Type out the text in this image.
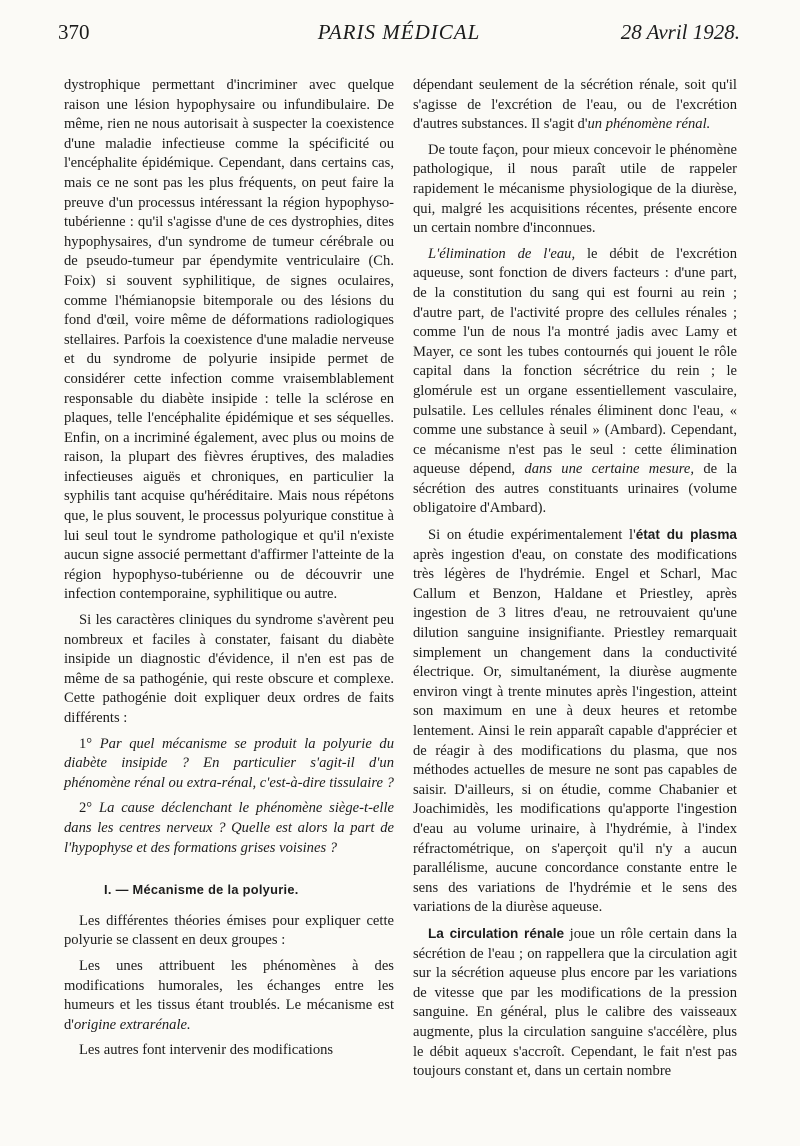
370	PARIS MÉDICAL	28 Avril 1928.

dystrophique permettant d'incriminer avec quelque raison une lésion hypophysaire ou infundibulaire. De même, rien ne nous autorisait à suspecter la coexistence d'une maladie infectieuse comme la spécificité ou l'encéphalite épidémique. Cependant, dans certains cas, mais ce ne sont pas les plus fréquents, on peut faire la preuve d'un processus intéressant la région hypophyso-tubérienne : qu'il s'agisse d'une de ces dystrophies, dites hypophysaires, d'un syndrome de tumeur cérébrale ou de pseudo-tumeur par épendymite ventriculaire (Ch. Foix) si souvent syphilitique, de signes oculaires, comme l'hémianopsie bitemporale ou des lésions du fond d'œil, voire même de déformations radiologiques stellaires. Parfois la coexistence d'une maladie nerveuse et du syndrome de polyurie insipide permet de considérer cette infection comme vraisemblablement responsable du diabète insipide : telle la sclérose en plaques, telle l'encéphalite épidémique et ses séquelles. Enfin, on a incriminé également, avec plus ou moins de raison, la plupart des fièvres éruptives, des maladies infectieuses aiguës et chroniques, en particulier la syphilis tant acquise qu'héréditaire. Mais nous répétons que, le plus souvent, le processus polyurique constitue à lui seul tout le syndrome pathologique et qu'il n'existe aucun signe associé permettant d'affirmer l'atteinte de la région hypophyso-tubérienne ou de découvrir une infection contemporaine, syphilitique ou autre.

Si les caractères cliniques du syndrome s'avèrent peu nombreux et faciles à constater, faisant du diabète insipide un diagnostic d'évidence, il n'en est pas de même de sa pathogénie, qui reste obscure et complexe. Cette pathogénie doit expliquer deux ordres de faits différents :

1° Par quel mécanisme se produit la polyurie du diabète insipide ? En particulier s'agit-il d'un phénomène rénal ou extra-rénal, c'est-à-dire tissulaire ?

2° La cause déclenchant le phénomène siège-t-elle dans les centres nerveux ? Quelle est alors la part de l'hypophyse et des formations grises voisines ?

I. — Mécanisme de la polyurie.

Les différentes théories émises pour expliquer cette polyurie se classent en deux groupes :

Les unes attribuent les phénomènes à des modifications humorales, les échanges entre les humeurs et les tissus étant troublés. Le mécanisme est d'origine extrarénale.

Les autres font intervenir des modifications

dépendant seulement de la sécrétion rénale, soit qu'il s'agisse de l'excrétion de l'eau, ou de l'excrétion d'autres substances. Il s'agit d'un phénomène rénal.

De toute façon, pour mieux concevoir le phénomène pathologique, il nous paraît utile de rappeler rapidement le mécanisme physiologique de la diurèse, qui, malgré les acquisitions récentes, présente encore un certain nombre d'inconnues.

L'élimination de l'eau, le débit de l'excrétion aqueuse, sont fonction de divers facteurs : d'une part, de la constitution du sang qui est fourni au rein ; d'autre part, de l'activité propre des cellules rénales ; comme l'un de nous l'a montré jadis avec Lamy et Mayer, ce sont les tubes contournés qui jouent le rôle capital dans la fonction sécrétrice du rein ; le glomérule est un organe essentiellement vasculaire, pulsatile. Les cellules rénales éliminent donc l'eau, « comme une substance à seuil » (Ambard). Cependant, ce mécanisme n'est pas le seul : cette élimination aqueuse dépend, dans une certaine mesure, de la sécrétion des autres constituants urinaires (volume obligatoire d'Ambard).

Si on étudie expérimentalement l'état du plasma après ingestion d'eau, on constate des modifications très légères de l'hydrémie. Engel et Scharl, Mac Callum et Benzon, Haldane et Priestley, après ingestion de 3 litres d'eau, ne retrouvaient qu'une dilution sanguine insignifiante. Priestley remarquait simplement un changement dans la conductivité électrique. Or, simultanément, la diurèse augmente environ vingt à trente minutes après l'ingestion, atteint son maximum en une à deux heures et retombe lentement. Ainsi le rein apparaît capable d'apprécier et de réagir à des modifications du plasma, que nos méthodes actuelles de mesure ne sont pas capables de saisir. D'ailleurs, si on étudie, comme Chabanier et Joachimidès, les modifications qu'apporte l'ingestion d'eau au volume urinaire, à l'hydrémie, à l'index réfractométrique, on s'aperçoit qu'il n'y a aucun parallélisme, aucune concordance constante entre le sens des variations de l'hydrémie et le sens des variations de la diurèse aqueuse.

La circulation rénale joue un rôle certain dans la sécrétion de l'eau ; on rappellera que la circulation agit sur la sécrétion aqueuse plus encore par les variations de vitesse que par les modifications de la pression sanguine. En général, plus le calibre des vaisseaux augmente, plus la circulation sanguine s'accélère, plus le débit aqueux s'accroît. Cependant, le fait n'est pas toujours constant et, dans un certain nombre
